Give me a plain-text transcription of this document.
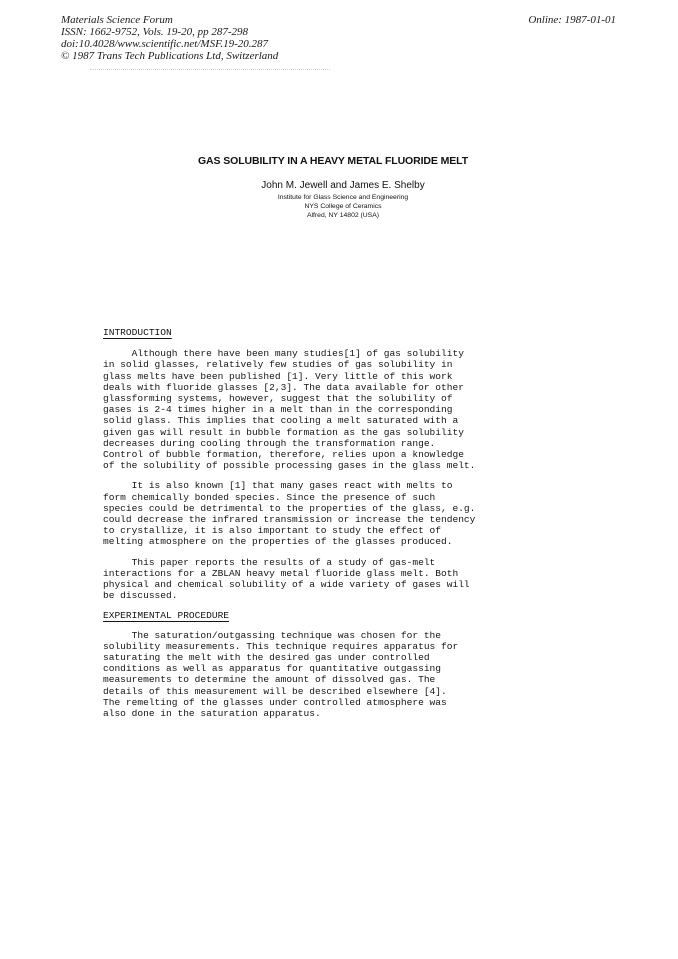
Materials Science Forum
ISSN: 1662-9752, Vols. 19-20, pp 287-298
doi:10.4028/www.scientific.net/MSF.19-20.287
© 1987 Trans Tech Publications Ltd, Switzerland
Online: 1987-01-01
GAS SOLUBILITY IN A HEAVY METAL FLUORIDE MELT
John M. Jewell and James E. Shelby
Institute for Glass Science and Engineering
NYS College of Ceramics
Alfred, NY 14802 (USA)
INTRODUCTION

Although there have been many studies[1] of gas solubility
in solid glasses, relatively few studies of gas solubility in
glass melts have been published [1]. Very little of this work
deals with fluoride glasses [2,3]. The data available for other
glassforming systems, however, suggest that the solubility of
gases is 2-4 times higher in a melt than in the corresponding
solid glass. This implies that cooling a melt saturated with a
given gas will result in bubble formation as the gas solubility
decreases during cooling through the transformation range.
Control of bubble formation, therefore, relies upon a knowledge
of the solubility of possible processing gases in the glass melt.

It is also known [1] that many gases react with melts to
form chemically bonded species. Since the presence of such
species could be detrimental to the properties of the glass, e.g.
could decrease the infrared transmission or increase the tendency
to crystallize, it is also important to study the effect of
melting atmosphere on the properties of the glasses produced.

This paper reports the results of a study of gas-melt
interactions for a ZBLAN heavy metal fluoride glass melt. Both
physical and chemical solubility of a wide variety of gases will
be discussed.

EXPERIMENTAL PROCEDURE

The saturation/outgassing technique was chosen for the
solubility measurements. This technique requires apparatus for
saturating the melt with the desired gas under controlled
conditions as well as apparatus for quantitative outgassing
measurements to determine the amount of dissolved gas. The
details of this measurement will be described elsewhere [4].
The remelting of the glasses under controlled atmosphere was
also done in the saturation apparatus.
